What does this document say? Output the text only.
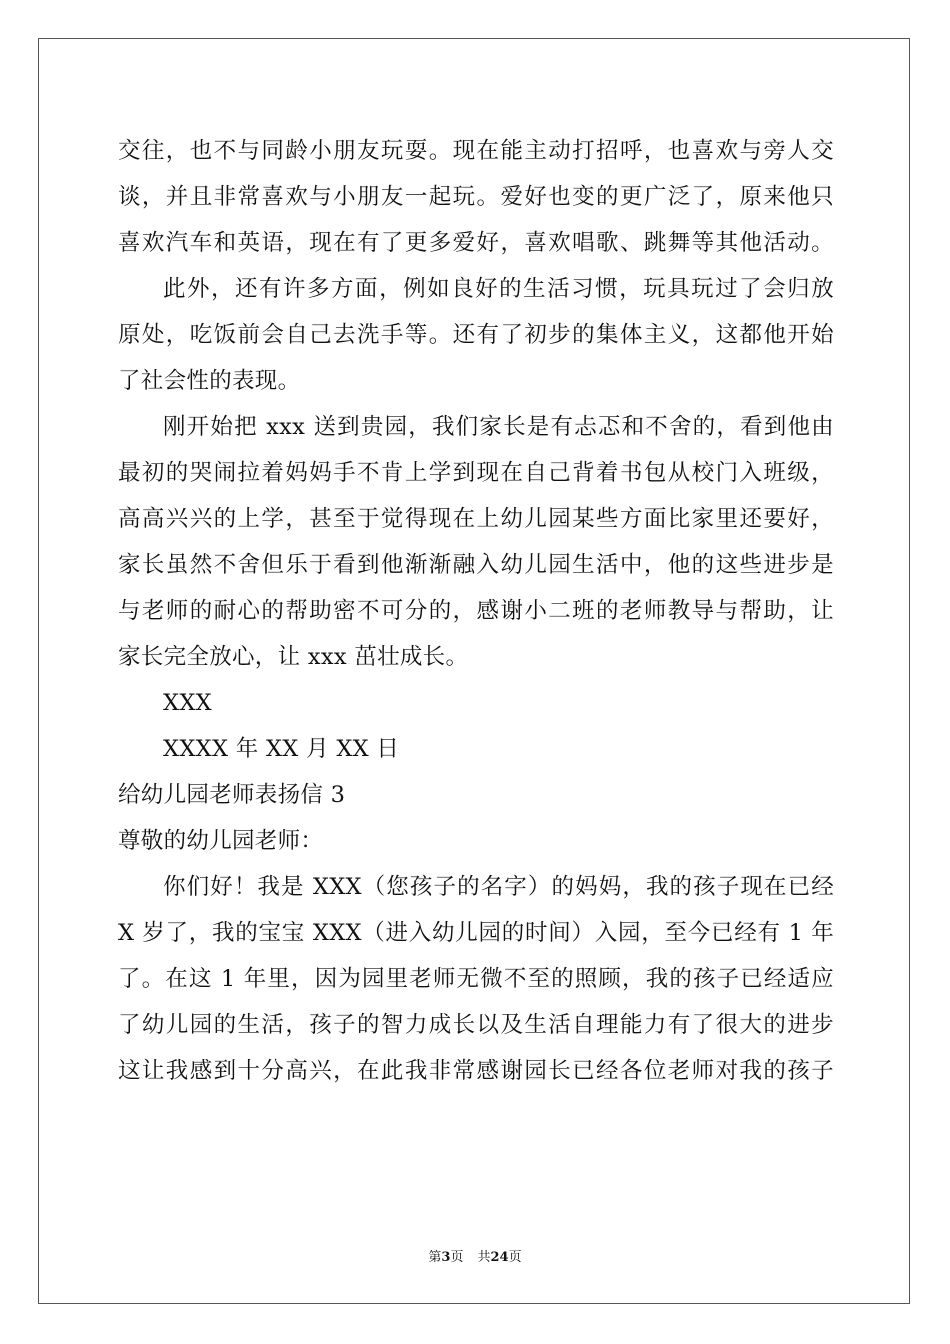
交往，也不与同龄小朋友玩耍。现在能主动打招呼，也喜欢与旁人交
谈，并且非常喜欢与小朋友一起玩。爱好也变的更广泛了，原来他只
喜欢汽车和英语，现在有了更多爱好，喜欢唱歌、跳舞等其他活动。
此外，还有许多方面，例如良好的生活习惯，玩具玩过了会归放
原处，吃饭前会自己去洗手等。还有了初步的集体主义，这都他开始
了社会性的表现。
刚开始把 xxx 送到贵园，我们家长是有忐忑和不舍的，看到他由
最初的哭闹拉着妈妈手不肯上学到现在自己背着书包从校门入班级，
高高兴兴的上学，甚至于觉得现在上幼儿园某些方面比家里还要好，
家长虽然不舍但乐于看到他渐渐融入幼儿园生活中，他的这些进步是
与老师的耐心的帮助密不可分的，感谢小二班的老师教导与帮助，让
家长完全放心，让 xxx 茁壮成长。
XXX
XXXX 年 XX 月 XX 日
给幼儿园老师表扬信 3
尊敬的幼儿园老师：
你们好！我是 XXX（您孩子的名字）的妈妈，我的孩子现在已经
X 岁了，我的宝宝 XXX（进入幼儿园的时间）入园，至今已经有 1 年
了。在这 1 年里，因为园里老师无微不至的照顾，我的孩子已经适应
了幼儿园的生活，孩子的智力成长以及生活自理能力有了很大的进步
这让我感到十分高兴，在此我非常感谢园长已经各位老师对我的孩子
第3页 共24页
